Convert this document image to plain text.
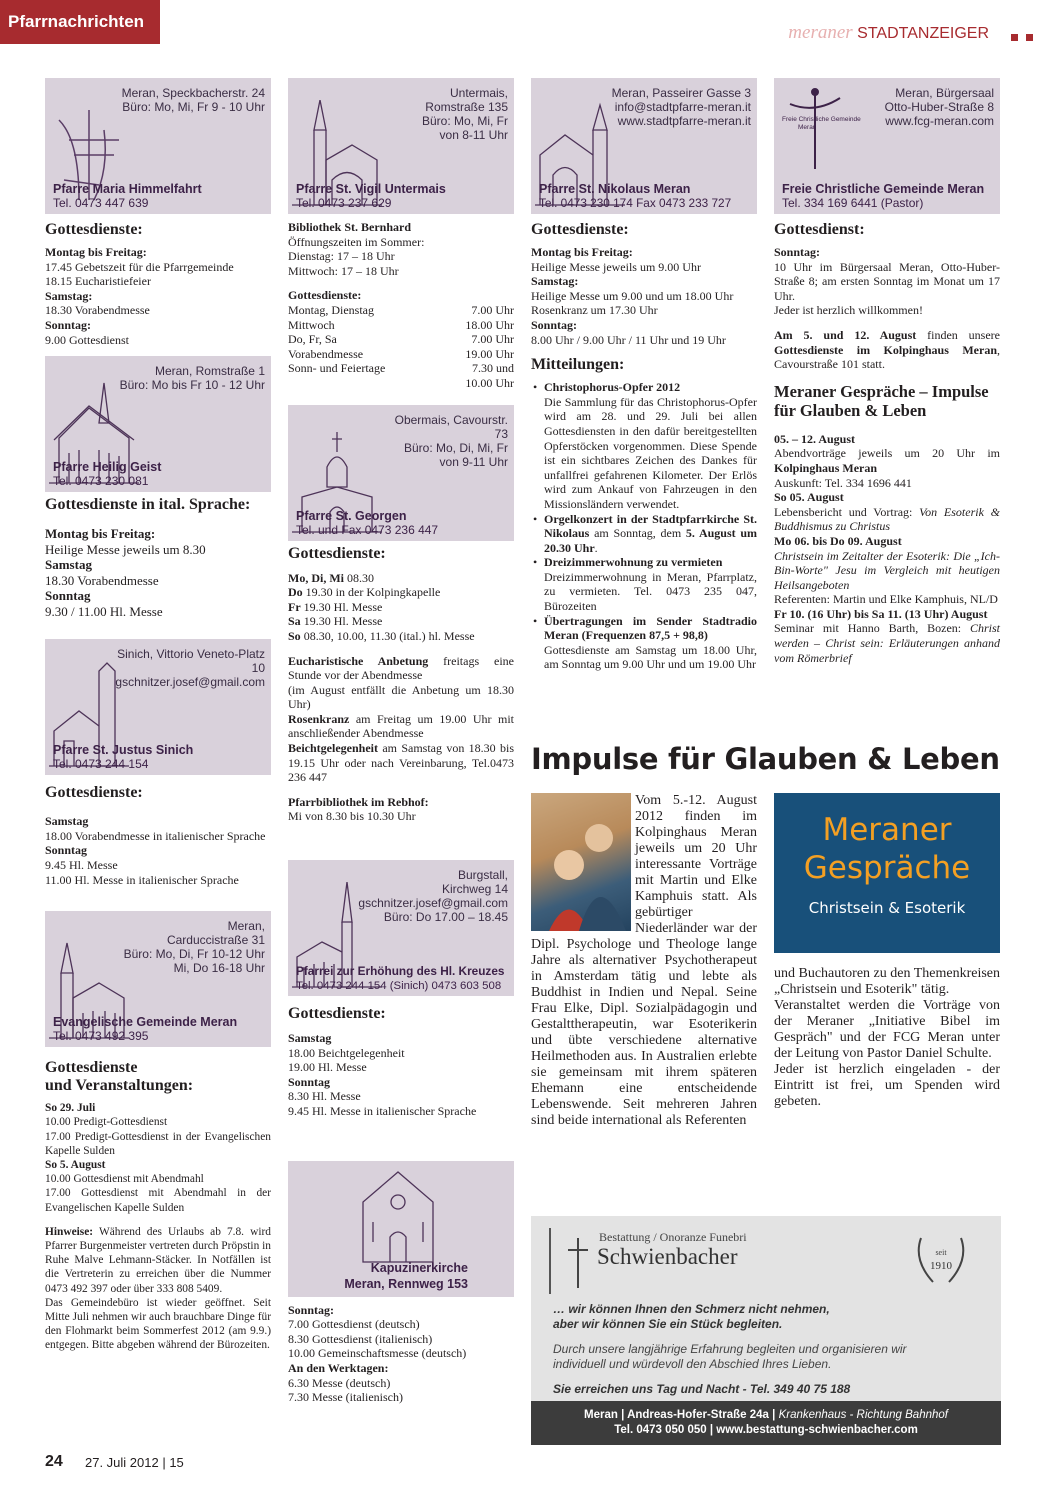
Pfarrnachrichten
meraner STADTANZEIGER
Meran, Speckbacherstr. 24
Büro: Mo, Mi, Fr 9 - 10 Uhr
Pfarre Maria Himmelfahrt
Tel. 0473 447 639
Gottesdienste:

Montag bis Freitag:

17.45 Gebetszeit für die Pfarrgemeinde

18.15 Eucharistiefeier

Samstag:

18.30 Vorabendmesse

Sonntag:

9.00 Gottesdienst

Meran, Romstraße 1
Büro: Mo bis Fr 10 - 12 Uhr
Pfarre Heilig Geist
Tel. 0473 230 081
Gottesdienste in ital. Sprache:

Montag bis Freitag:

Heilige Messe jeweils um 8.30

Samstag

18.30 Vorabendmesse

Sonntag

9.30 / 11.00 Hl. Messe

Sinich, Vittorio Veneto-Platz
10
gschnitzer.josef@gmail.com
Pfarre St. Justus Sinich
Tel. 0473 244 154
Gottesdienste:

Samstag

18.00 Vorabendmesse in italienischer Sprache

Sonntag

9.45 Hl. Messe

11.00 Hl. Messe in italienischer Sprache

Meran,
Carduccistraße 31
Büro: Mo, Di, Fr 10-12 Uhr
Mi, Do 16-18 Uhr
Evangelische Gemeinde Meran
Tel. 0473 492 395
Gottesdienste
und Veranstaltungen:

So 29. Juli

10.00 Predigt-Gottesdienst

17.00 Predigt-Gottesdienst in der Evangelischen Kapelle Sulden

So 5. August

10.00 Gottesdienst mit Abendmahl

17.00 Gottesdienst mit Abendmahl in der Evangelischen Kapelle Sulden

Hinweise: Während des Urlaubs ab 7.8. wird Pfarrer Burgenmeister vertreten durch Pröpstin in Ruhe Malve Lehmann-Stäcker. In Notfällen ist die Vertreterin zu erreichen über die Nummer 0473 492 397 oder über 333 808 5409.

Das Gemeindebüro ist wieder geöffnet. Seit Mitte Juli nehmen wir auch brauchbare Dinge für den Flohmarkt beim Sommerfest 2012 (am 9.9.) entgegen. Bitte abgeben während der Bürozeiten.

Untermais,
Romstraße 135
Büro: Mo, Mi, Fr
von 8-11 Uhr
Pfarre St. Vigil Untermais
Tel. 0473 237 629

Bibliothek St. Bernhard

Öffnungszeiten im Sommer:

Dienstag: 17 – 18 Uhr

Mittwoch: 17 – 18 Uhr

Gottesdienste:

Montag, Dienstag	7.00 Uhr
Mittwoch	18.00 Uhr
Do, Fr, Sa	7.00 Uhr
Vorabendmesse	19.00 Uhr
Sonn- und Feiertage	7.30 und
10.00 Uhr
Obermais, Cavourstr.
73
Büro: Mo, Di, Mi, Fr
von 9-11 Uhr
Pfarre St. Georgen
Tel. und Fax 0473 236 447
Gottesdienste:

Mo, Di, Mi 08.30

Do 19.30 in der Kolpingkapelle

Fr 19.30 Hl. Messe

Sa 19.30 Hl. Messe

So 08.30, 10.00, 11.30 (ital.) hl. Messe

Eucharistische Anbetung freitags eine Stunde vor der Abendmesse

(im August entfällt die Anbetung um 18.30 Uhr)

Rosenkranz am Freitag um 19.00 Uhr mit anschließender Abendmesse

Beichtgelegenheit am Samstag von 18.30 bis 19.15 Uhr oder nach Vereinbarung, Tel.0473 236 447

Pfarrbibliothek im Rebhof:

Mi von 8.30 bis 10.30 Uhr

Burgstall,
Kirchweg 14
gschnitzer.josef@gmail.com
Büro: Do 17.00 – 18.45
Pfarrei zur Erhöhung des Hl. Kreuzes
Tel. 0473 244 154 (Sinich) 0473 603 508
Gottesdienste:

Samstag

18.00 Beichtgelegenheit

19.00 Hl. Messe

Sonntag

8.30 Hl. Messe

9.45 Hl. Messe in italienischer Sprache

Kapuzinerkirche
Meran, Rennweg 153

Sonntag:

7.00 Gottesdienst (deutsch)

8.30 Gottesdienst (italienisch)

10.00 Gemeinschaftsmesse (deutsch)

An den Werktagen:

6.30 Messe (deutsch)

7.30 Messe (italienisch)

Meran, Passeirer Gasse 3
info@stadtpfarre-meran.it
www.stadtpfarre-meran.it
Pfarre St. Nikolaus Meran
Tel. 0473 230 174 Fax 0473 233 727
Gottesdienste:

Montag bis Freitag:

Heilige Messe jeweils um 9.00 Uhr

Samstag:

Heilige Messe um 9.00 und um 18.00 Uhr

Rosenkranz um 17.30 Uhr

Sonntag:

8.00 Uhr / 9.00 Uhr / 11 Uhr und 19 Uhr

Mitteilungen:
• Christophorus-Opfer 2012
Die Sammlung für das Christophorus-Opfer wird am 28. und 29. Juli bei allen Gottesdiensten in den dafür bereitgestellten Opferstöcken vorgenommen. Diese Spende ist ein sichtbares Zeichen des Dankes für unfallfrei gefahrenen Kilometer. Der Erlös wird zum Ankauf von Fahrzeugen in den Missionsländern verwendet.
• Orgelkonzert in der Stadtpfarrkirche St. Nikolaus am Sonntag, dem 5. August um 20.30 Uhr.
• Dreizimmerwohnung zu vermieten
Dreizimmerwohnung in Meran, Pfarrplatz, zu vermieten. Tel. 0473 235 047, Bürozeiten
• Übertragungen im Sender Stadtradio Meran (Frequenzen 87,5 + 98,8)
Gottesdienste am Samstag um 18.00 Uhr, am Sonntag um 9.00 Uhr und um 19.00 Uhr
Freie Christliche Gemeinde
Meran
Meran, Bürgersaal
Otto-Huber-Straße 8
www.fcg-meran.com
Freie Christliche Gemeinde Meran
Tel. 334 169 6441 (Pastor)
Gottesdienst:

Sonntag:

10 Uhr im Bürgersaal Meran, Otto-Huber-Straße 8; am ersten Sonntag im Monat um 17 Uhr.

Jeder ist herzlich willkommen!

Am 5. und 12. August finden unsere Gottesdienste im Kolpinghaus Meran, Cavourstraße 101 statt.

Meraner Gespräche – Impulse für Glauben & Leben

05. – 12. August

Abendvorträge jeweils um 20 Uhr im Kolpinghaus Meran

Auskunft: Tel. 334 1696 441

So 05. August

Lebensbericht und Vortrag: Von Esoterik & Buddhismus zu Christus

Mo 06. bis Do 09. August

Christsein im Zeitalter der Esoterik: Die „Ich-Bin-Worte" Jesu im Vergleich mit heutigen Heilsangeboten

Referenten: Martin und Elke Kamphuis, NL/D

Fr 10. (16 Uhr) bis Sa 11. (13 Uhr) August

Seminar mit Hanno Barth, Bozen: Christ werden – Christ sein: Erläuterungen anhand vom Römerbrief

Impulse für Glauben & Leben
Vom 5.-12. August 2012 finden im Kolpinghaus Meran jeweils um 20 Uhr interessante Vorträge mit Martin und Elke Kamphuis statt. Als gebürtiger Niederländer war der Dipl. Psychologe und Theologe lange Jahre als alternativer Psychotherapeut in Amsterdam tätig und lebte als Buddhist in Indien und Nepal. Seine Frau Elke, Dipl. Sozialpädagogin und Gestalttherapeutin, war Esoterikerin und übte verschiedene alternative Heilmethoden aus. In Australien erlebte sie gemeinsam mit ihrem späteren Ehemann eine entscheidende Lebenswende. Seit mehreren Jahren sind beide international als Referenten
Meraner
Gespräche
Christsein & Esoterik

und Buchautoren zu den Themenkreisen „Christsein und Esoterik" tätig.

Veranstaltet werden die Vorträge von der Meraner „Initiative Bibel im Gespräch" und der FCG Meran unter der Leitung von Pastor Daniel Schulte.

Jeder ist herzlich eingeladen - der Eintritt ist frei, um Spenden wird gebeten.

Bestattung / Onoranze Funebri
Schwienbacher	seit
1910
… wir können Ihnen den Schmerz nicht nehmen,
aber wir können Sie ein Stück begleiten.
Durch unsere langjährige Erfahrung begleiten und organisieren wir
individuell und würdevoll den Abschied Ihres Lieben.
Sie erreichen uns Tag und Nacht - Tel. 349 40 75 188
Meran | Andreas-Hofer-Straße 24a | Krankenhaus - Richtung Bahnhof
Tel. 0473 050 050 | www.bestattung-schwienbacher.com
24 27. Juli 2012 | 15
